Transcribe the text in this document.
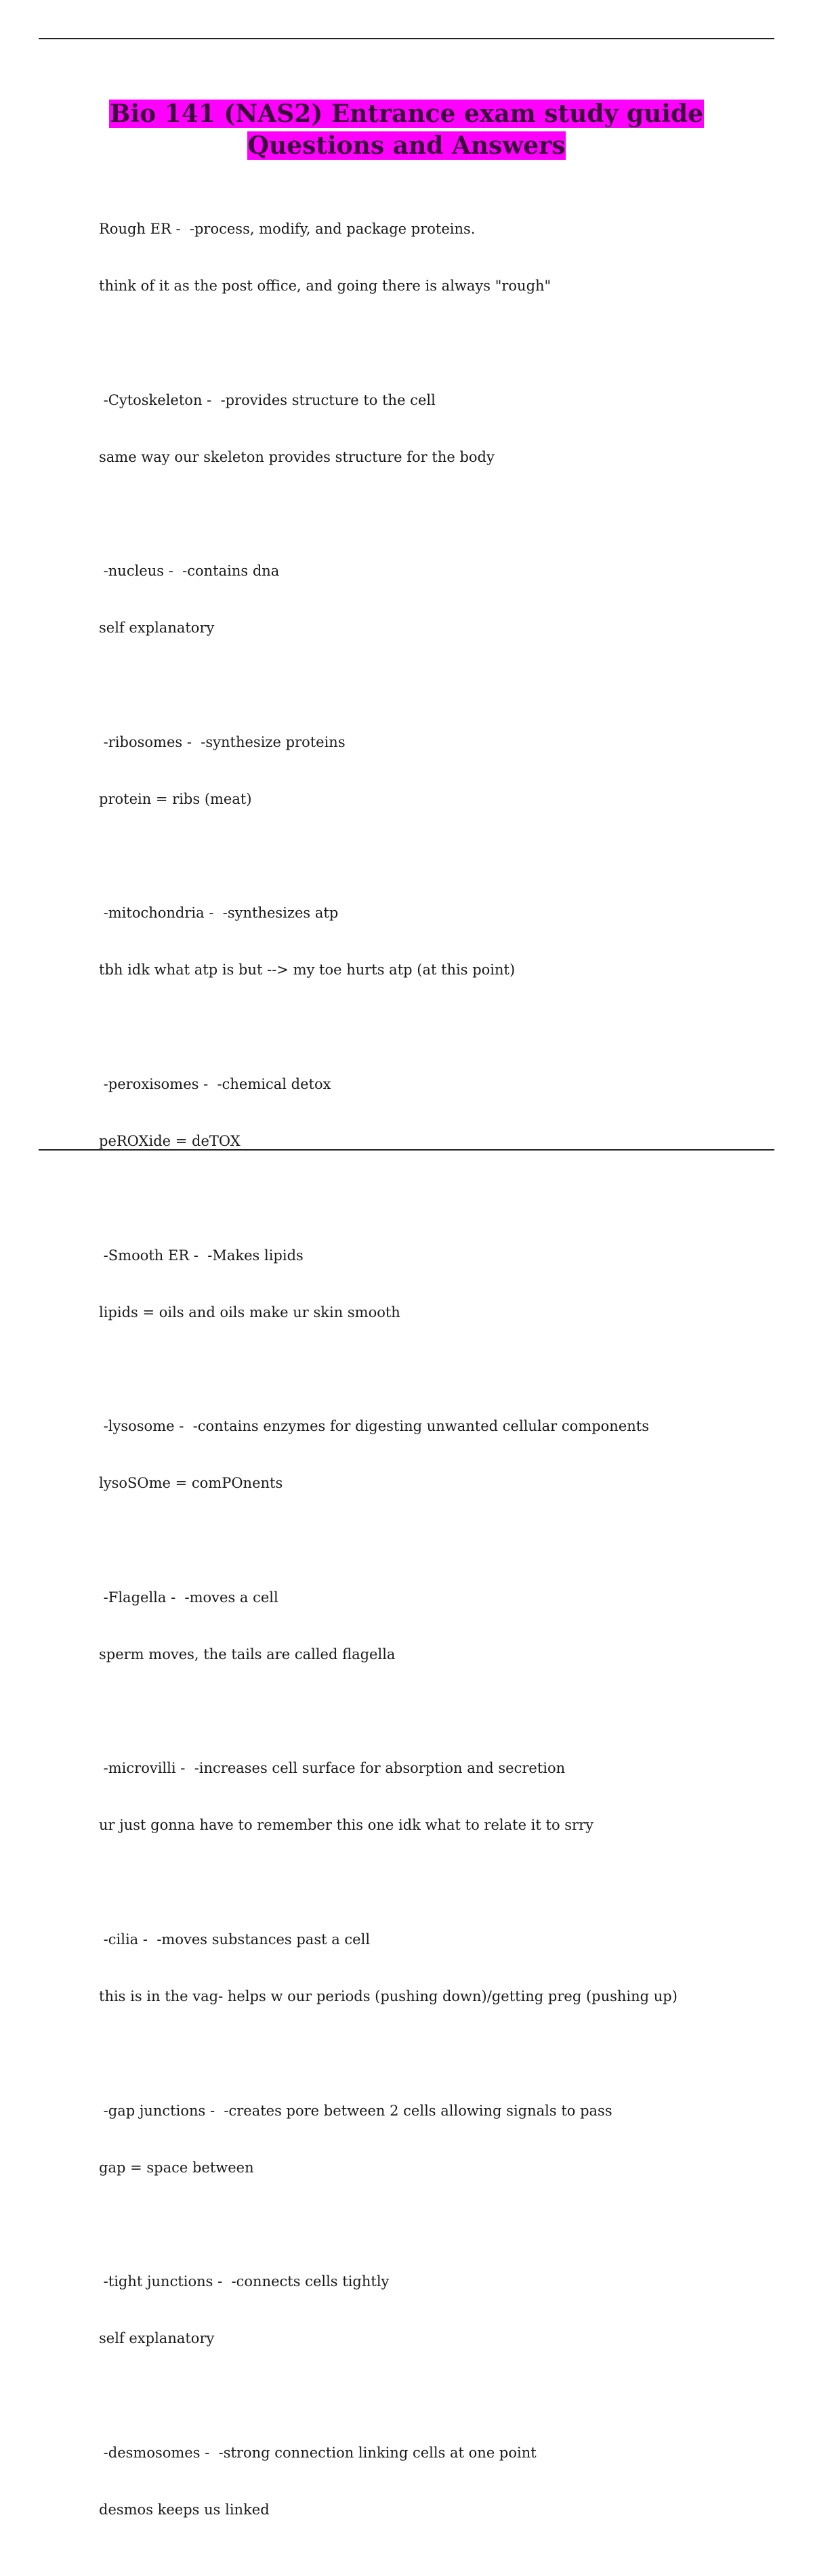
Bio 141 (NAS2) Entrance exam study guide
Questions and Answers

Rough ER -  -process, modify, and package proteins.

think of it as the post office, and going there is always "rough"

-Cytoskeleton -  -provides structure to the cell

same way our skeleton provides structure for the body

-nucleus -  -contains dna

self explanatory

-ribosomes -  -synthesize proteins

protein = ribs (meat)

-mitochondria -  -synthesizes atp

tbh idk what atp is but --> my toe hurts atp (at this point)

-peroxisomes -  -chemical detox

peROXide = deTOX

-Smooth ER -  -Makes lipids

lipids = oils and oils make ur skin smooth

-lysosome -  -contains enzymes for digesting unwanted cellular components

lysoSOme = comPOnents

-Flagella -  -moves a cell

sperm moves, the tails are called flagella

-microvilli -  -increases cell surface for absorption and secretion

ur just gonna have to remember this one idk what to relate it to srry

-cilia -  -moves substances past a cell

this is in the vag- helps w our periods (pushing down)/getting preg (pushing up)

-gap junctions -  -creates pore between 2 cells allowing signals to pass

gap = space between

-tight junctions -  -connects cells tightly

self explanatory

-desmosomes -  -strong connection linking cells at one point

desmos keeps us linked
